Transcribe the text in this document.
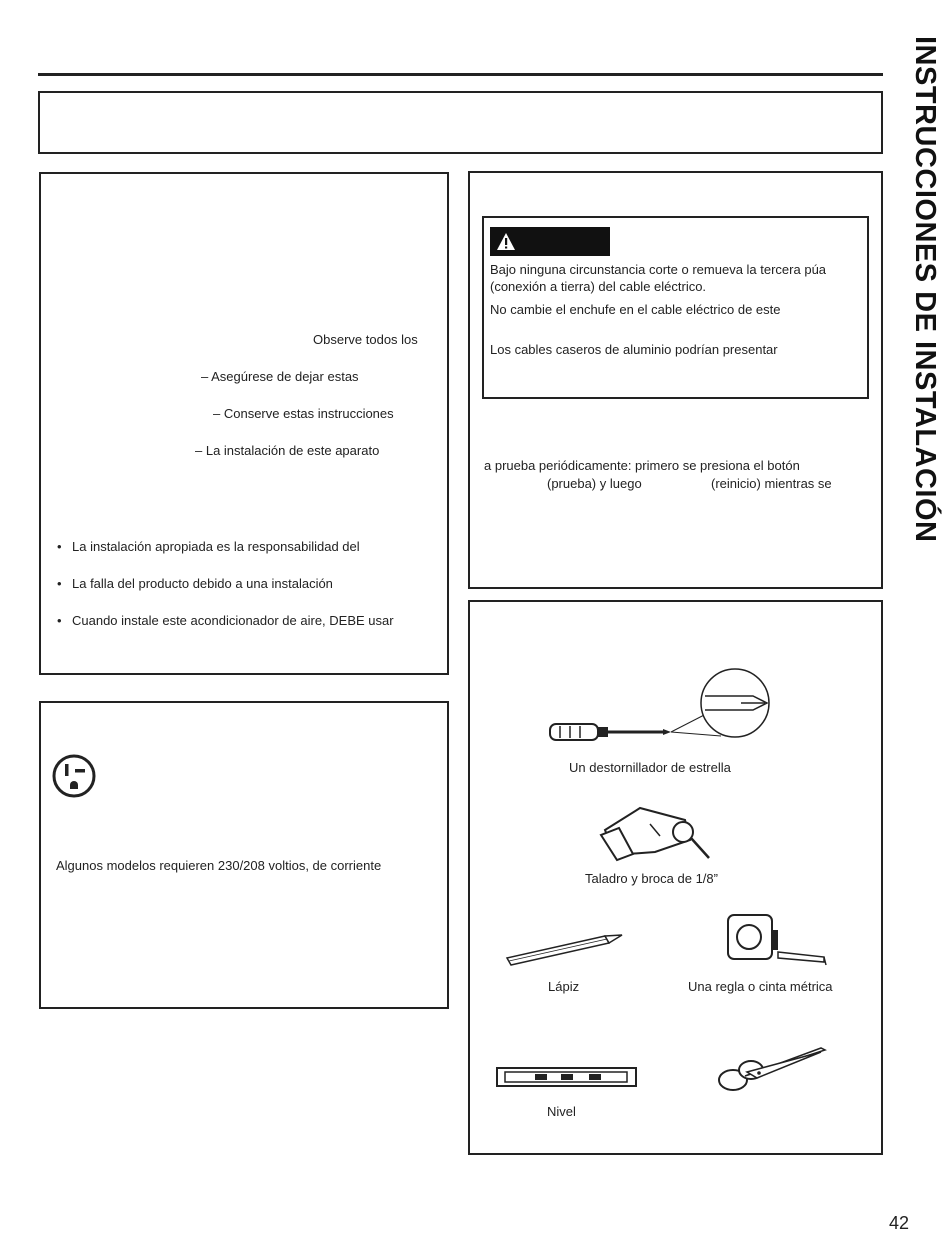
INSTRUCCIONES DE INSTALACIÓN
Observe todos los
– Asegúrese de dejar estas
– Conserve estas instrucciones
– La instalación de este aparato
• La instalación apropiada es la responsabilidad del
• La falla del producto debido a una instalación
• Cuando instale este acondicionador de aire, DEBE usar
Algunos modelos requieren 230/208 voltios, de corriente
Bajo ninguna circunstancia corte o remueva la tercera púa (conexión a tierra) del cable eléctrico.
No cambie el enchufe en el cable eléctrico de este
Los cables caseros de aluminio podrían presentar
a prueba periódicamente: primero se presiona el botón
(prueba) y luego	(reinicio) mientras se
Un destornillador de estrella
Taladro y broca de 1/8”
Lápiz	Una regla o cinta métrica
Nivel
42
